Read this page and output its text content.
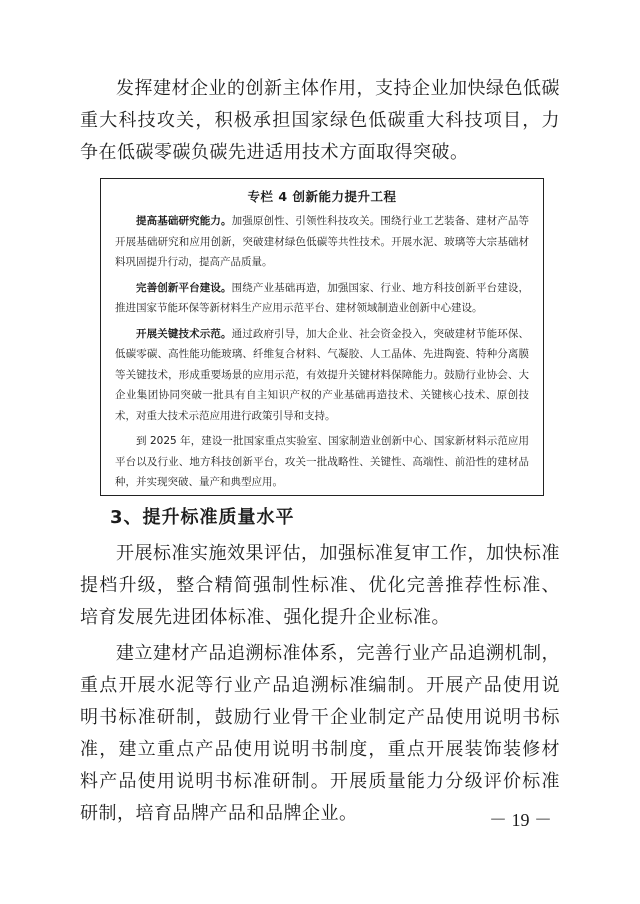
发挥建材企业的创新主体作用，支持企业加快绿色低碳重大科技攻关，积极承担国家绿色低碳重大科技项目，力争在低碳零碳负碳先进适用技术方面取得突破。

专栏 4 创新能力提升工程

提高基础研究能力。加强原创性、引领性科技攻关。围绕行业工艺装备、建材产品等开展基础研究和应用创新，突破建材绿色低碳等共性技术。开展水泥、玻璃等大宗基础材料巩固提升行动，提高产品质量。

完善创新平台建设。围绕产业基础再造，加强国家、行业、地方科技创新平台建设，推进国家节能环保等新材料生产应用示范平台、建材领域制造业创新中心建设。

开展关键技术示范。通过政府引导，加大企业、社会资金投入，突破建材节能环保、低碳零碳、高性能功能玻璃、纤维复合材料、气凝胶、人工晶体、先进陶瓷、特种分离膜等关键技术，形成重要场景的应用示范，有效提升关键材料保障能力。鼓励行业协会、大企业集团协同突破一批具有自主知识产权的产业基础再造技术、关键核心技术、原创技术，对重大技术示范应用进行政策引导和支持。

到 2025 年，建设一批国家重点实验室、国家制造业创新中心、国家新材料示范应用平台以及行业、地方科技创新平台，攻关一批战略性、关键性、高端性、前沿性的建材品种，并实现突破、量产和典型应用。

3、提升标准质量水平

开展标准实施效果评估，加强标准复审工作，加快标准提档升级，整合精简强制性标准、优化完善推荐性标准、培育发展先进团体标准、强化提升企业标准。

建立建材产品追溯标准体系，完善行业产品追溯机制，重点开展水泥等行业产品追溯标准编制。开展产品使用说明书标准研制，鼓励行业骨干企业制定产品使用说明书标准，建立重点产品使用说明书制度，重点开展装饰装修材料产品使用说明书标准研制。开展质量能力分级评价标准研制，培育品牌产品和品牌企业。	－ 19 －
